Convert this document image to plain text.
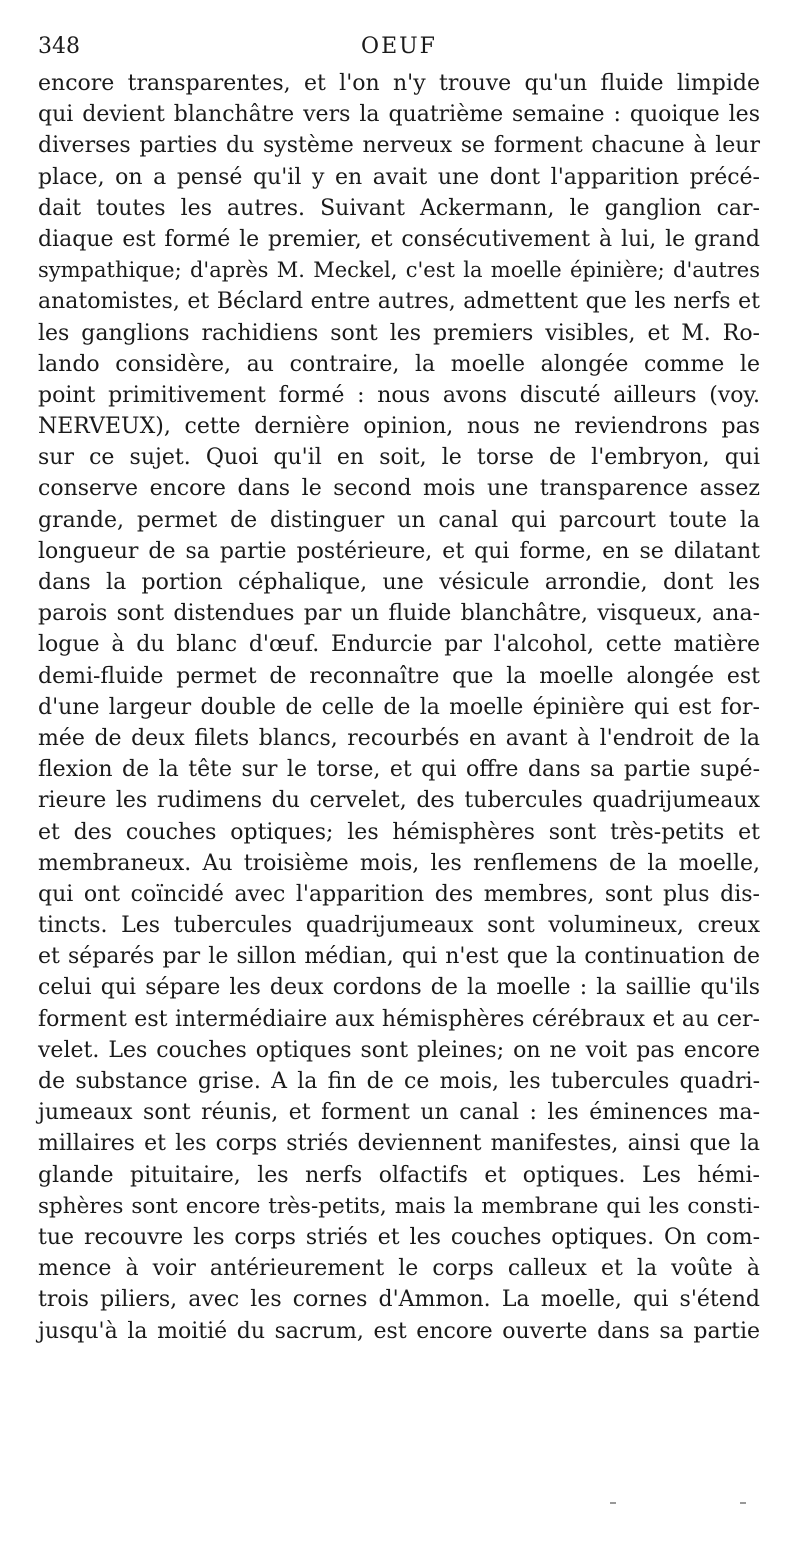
348	OEUF
encore transparentes, et l'on n'y trouve qu'un fluide limpide
qui devient blanchâtre vers la quatrième semaine : quoique les
diverses parties du système nerveux se forment chacune à leur
place, on a pensé qu'il y en avait une dont l'apparition précé-
dait toutes les autres. Suivant Ackermann, le ganglion car-
diaque est formé le premier, et consécutivement à lui, le grand
sympathique; d'après M. Meckel, c'est la moelle épinière; d'autres
anatomistes, et Béclard entre autres, admettent que les nerfs et
les ganglions rachidiens sont les premiers visibles, et M. Ro-
lando considère, au contraire, la moelle alongée comme le
point primitivement formé : nous avons discuté ailleurs (voy.
NERVEUX), cette dernière opinion, nous ne reviendrons pas
sur ce sujet. Quoi qu'il en soit, le torse de l'embryon, qui
conserve encore dans le second mois une transparence assez
grande, permet de distinguer un canal qui parcourt toute la
longueur de sa partie postérieure, et qui forme, en se dilatant
dans la portion céphalique, une vésicule arrondie, dont les
parois sont distendues par un fluide blanchâtre, visqueux, ana-
logue à du blanc d'œuf. Endurcie par l'alcohol, cette matière
demi-fluide permet de reconnaître que la moelle alongée est
d'une largeur double de celle de la moelle épinière qui est for-
mée de deux filets blancs, recourbés en avant à l'endroit de la
flexion de la tête sur le torse, et qui offre dans sa partie supé-
rieure les rudimens du cervelet, des tubercules quadrijumeaux
et des couches optiques; les hémisphères sont très-petits et
membraneux. Au troisième mois, les renflemens de la moelle,
qui ont coïncidé avec l'apparition des membres, sont plus dis-
tincts. Les tubercules quadrijumeaux sont volumineux, creux
et séparés par le sillon médian, qui n'est que la continuation de
celui qui sépare les deux cordons de la moelle : la saillie qu'ils
forment est intermédiaire aux hémisphères cérébraux et au cer-
velet. Les couches optiques sont pleines; on ne voit pas encore
de substance grise. A la fin de ce mois, les tubercules quadri-
jumeaux sont réunis, et forment un canal : les éminences ma-
millaires et les corps striés deviennent manifestes, ainsi que la
glande pituitaire, les nerfs olfactifs et optiques. Les hémi-
sphères sont encore très-petits, mais la membrane qui les consti-
tue recouvre les corps striés et les couches optiques. On com-
mence à voir antérieurement le corps calleux et la voûte à
trois piliers, avec les cornes d'Ammon. La moelle, qui s'étend
jusqu'à la moitié du sacrum, est encore ouverte dans sa partie
